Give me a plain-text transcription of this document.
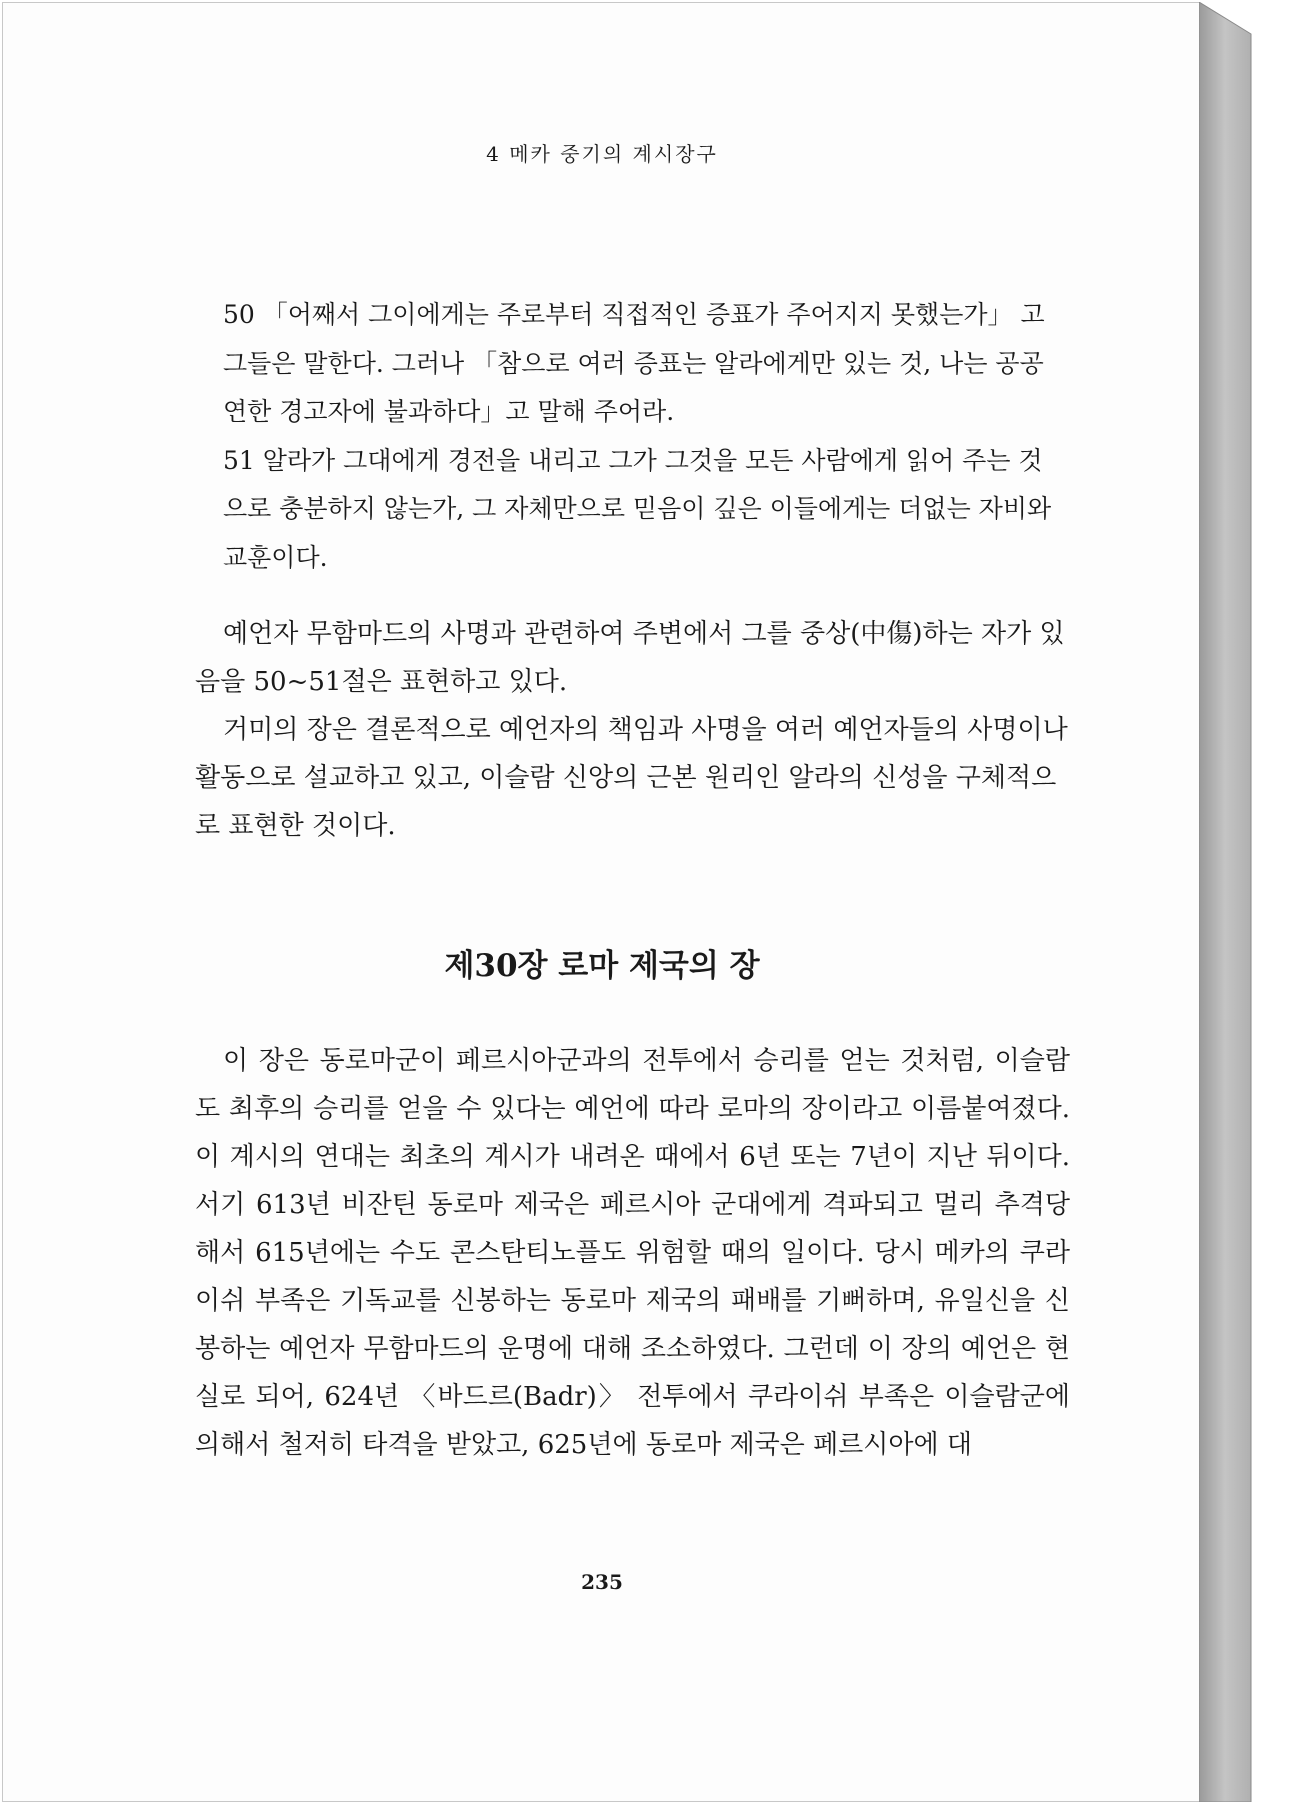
4 메카 중기의 계시장구

50 「어째서 그이에게는 주로부터 직접적인 증표가 주어지지 못했는가」 고 그들은 말한다. 그러나 「참으로 여러 증표는 알라에게만 있는 것, 나는 공공연한 경고자에 불과하다」고 말해 주어라.

51 알라가 그대에게 경전을 내리고 그가 그것을 모든 사람에게 읽어 주는 것으로 충분하지 않는가, 그 자체만으로 믿음이 깊은 이들에게는 더없는 자비와 교훈이다.

예언자 무함마드의 사명과 관련하여 주변에서 그를 중상(中傷)하는 자가 있음을 50~51절은 표현하고 있다.

거미의 장은 결론적으로 예언자의 책임과 사명을 여러 예언자들의 사명이나 활동으로 설교하고 있고, 이슬람 신앙의 근본 원리인 알라의 신성을 구체적으로 표현한 것이다.

제30장 로마 제국의 장

이 장은 동로마군이 페르시아군과의 전투에서 승리를 얻는 것처럼, 이슬람도 최후의 승리를 얻을 수 있다는 예언에 따라 로마의 장이라고 이름붙여졌다. 이 계시의 연대는 최초의 계시가 내려온 때에서 6년 또는 7년이 지난 뒤이다. 서기 613년 비잔틴 동로마 제국은 페르시아 군대에게 격파되고 멀리 추격당해서 615년에는 수도 콘스탄티노플도 위험할 때의 일이다. 당시 메카의 쿠라이쉬 부족은 기독교를 신봉하는 동로마 제국의 패배를 기뻐하며, 유일신을 신봉하는 예언자 무함마드의 운명에 대해 조소하였다. 그런데 이 장의 예언은 현실로 되어, 624년 〈바드르(Badr)〉 전투에서 쿠라이쉬 부족은 이슬람군에 의해서 철저히 타격을 받았고, 625년에 동로마 제국은 페르시아에 대

235
